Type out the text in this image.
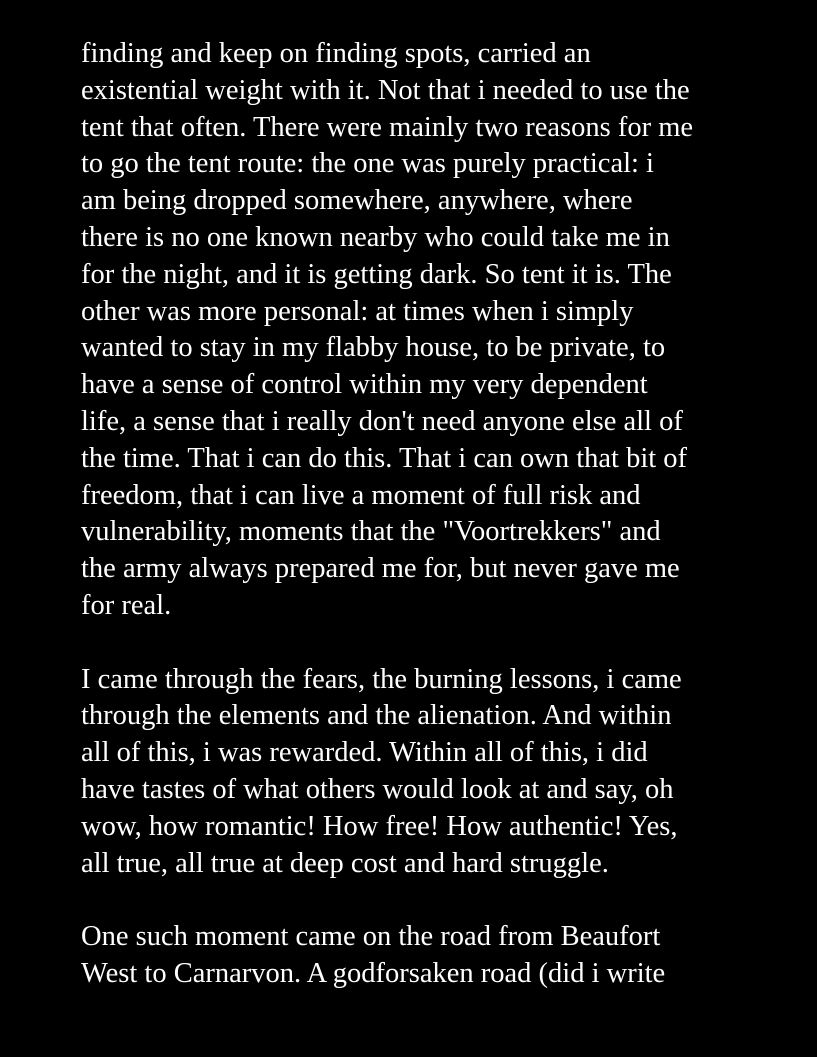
finding and keep on finding spots, carried an
existential weight with it. Not that i needed to use the
tent that often. There were mainly two reasons for me
to go the tent route: the one was purely practical: i
am being dropped somewhere, anywhere, where
there is no one known nearby who could take me in
for the night, and it is getting dark. So tent it is. The
other was more personal: at times when i simply
wanted to stay in my flabby house, to be private, to
have a sense of control within my very dependent
life, a sense that i really don't need anyone else all of
the time. That i can do this. That i can own that bit of
freedom, that i can live a moment of full risk and
vulnerability, moments that the "Voortrekkers" and
the army always prepared me for, but never gave me
for real.

I came through the fears, the burning lessons, i came
through the elements and the alienation. And within
all of this, i was rewarded. Within all of this, i did
have tastes of what others would look at and say, oh
wow, how romantic! How free! How authentic! Yes,
all true, all true at deep cost and hard struggle.

One such moment came on the road from Beaufort
West to Carnarvon. A godforsaken road (did i write
